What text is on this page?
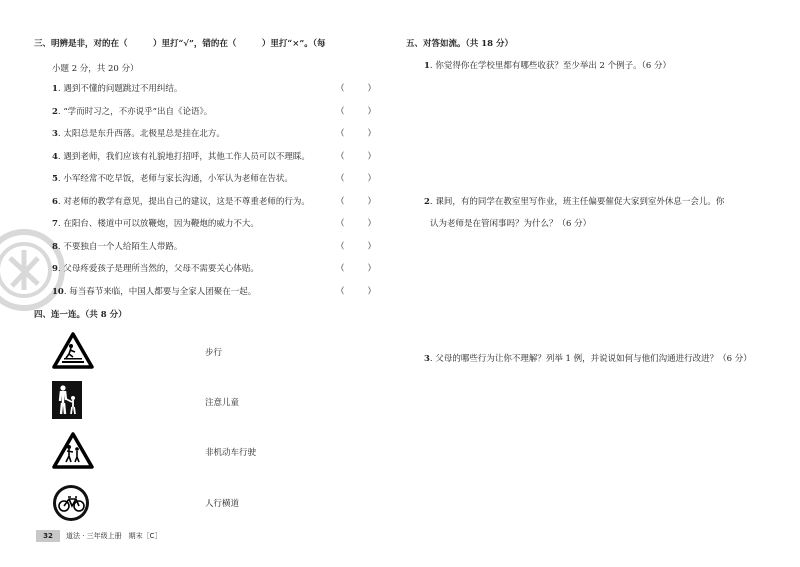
三、明辨是非，对的在（　　　）里打“√”，错的在（　　　）里打“×”。（每
小题 2 分，共 20 分）
1. 遇到不懂的问题跳过不用纠结。	（	）
2. “学而时习之，不亦说乎”出自《论语》。	（	）
3. 太阳总是东升西落。北极星总是挂在北方。	（	）
4. 遇到老师，我们应该有礼貌地打招呼，其他工作人员可以不理睬。	（	）
5. 小军经常不吃早饭，老师与家长沟通，小军认为老师在告状。	（	）
6. 对老师的教学有意见，提出自己的建议，这是不尊重老师的行为。	（	）
7. 在阳台、楼道中可以放鞭炮，因为鞭炮的威力不大。	（	）
8. 不要独自一个人给陌生人带路。	（	）
9. 父母疼爱孩子是理所当然的，父母不需要关心体贴。	（	）
10. 每当春节来临，中国人都要与全家人团聚在一起。	（	）
四、连一连。（共 8 分）
步行
注意儿童
非机动车行驶
人行横道
32	道法 · 三年级上册　期末［C］
五、对答如流。（共 18 分）
1. 你觉得你在学校里都有哪些收获？至少举出 2 个例子。（6 分）
2. 课间，有的同学在教室里写作业，班主任偏要催促大家到室外休息一会儿。你
认为老师是在管闲事吗？为什么？（6 分）
3. 父母的哪些行为让你不理解？列举 1 例，并说说如何与他们沟通进行改进？（6 分）
